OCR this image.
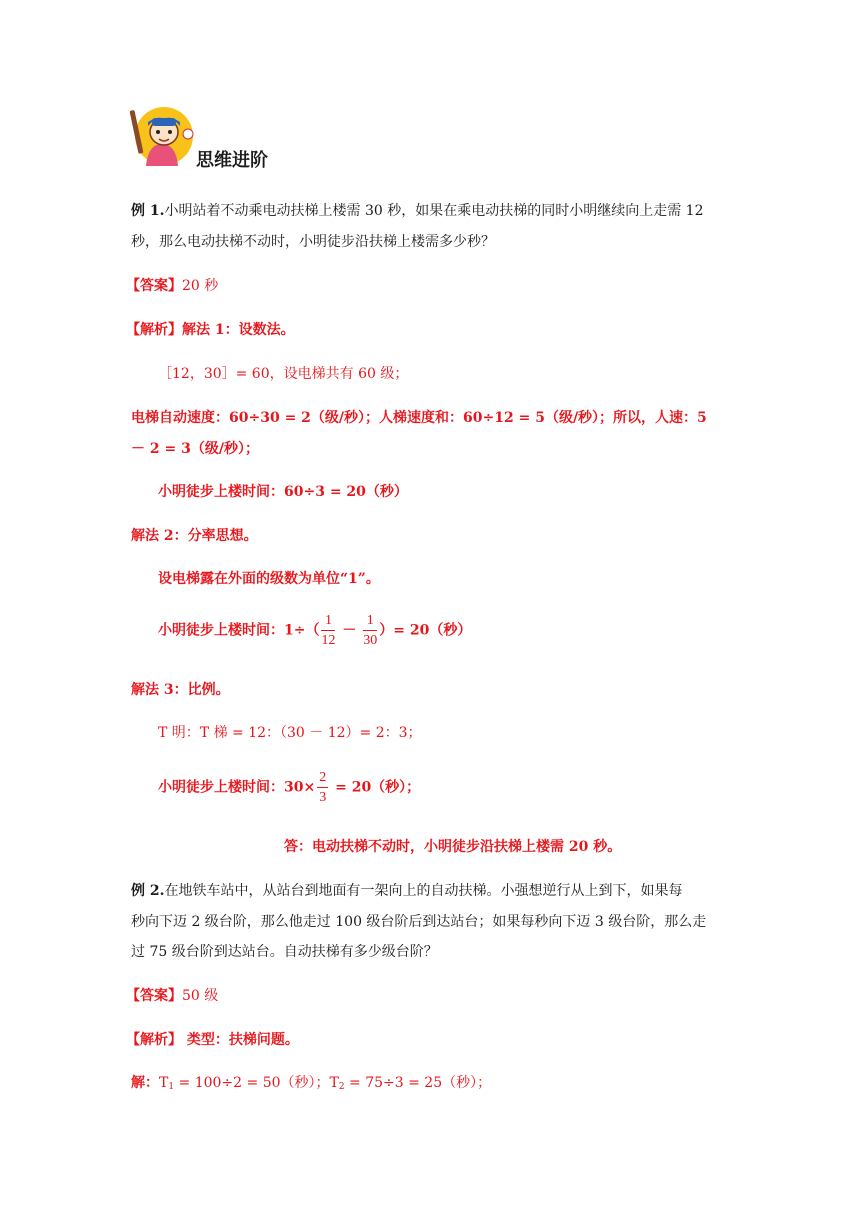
思维进阶
例 1.小明站着不动乘电动扶梯上楼需 30 秒，如果在乘电动扶梯的同时小明继续向上走需 12
秒，那么电动扶梯不动时，小明徒步沿扶梯上楼需多少秒？
【答案】20 秒
【解析】解法 1：设数法。
［12，30］= 60，设电梯共有 60 级；
电梯自动速度：60÷30 = 2（级/秒）；人梯速度和：60÷12 = 5（级/秒）；所以，人速：5
－ 2 = 3（级/秒）；
小明徒步上楼时间：60÷3 = 20（秒）
解法 2：分率思想。
设电梯露在外面的级数为单位“1”。
小明徒步上楼时间：$1\div( \frac{1}{12} - \frac{1}{30}$ ）= 20（秒）
解法 3：比例。
T 明：T 梯 = 12：（30 － 12）= 2：3；
小明徒步上楼时间：$30\times \frac{2}{3} = 20$（秒）；
答：电动扶梯不动时，小明徒步沿扶梯上楼需 20 秒。
例 2.在地铁车站中，从站台到地面有一架向上的自动扶梯。小强想逆行从上到下，如果每
秒向下迈 2 级台阶，那么他走过 100 级台阶后到达站台；如果每秒向下迈 3 级台阶，那么走
过 75 级台阶到达站台。自动扶梯有多少级台阶？
【答案】50 级
【解析】 类型：扶梯问题。
解：$T_1 = 100\div 2 = 50$（秒）；$T_2 = 75\div 3 = 25$（秒）；
